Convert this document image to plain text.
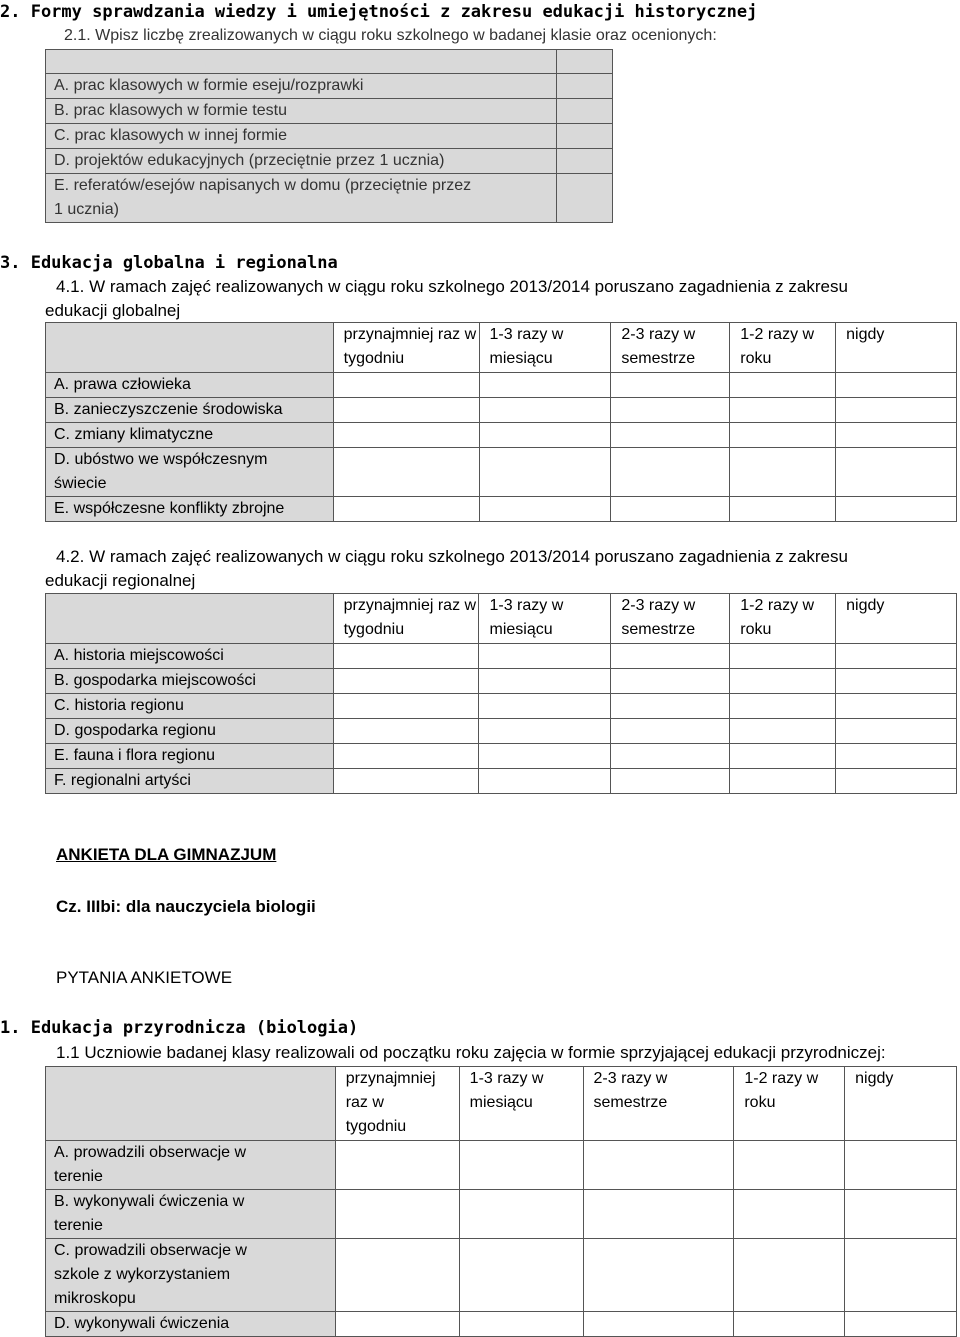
2. Formy sprawdzania wiedzy i umiejętności z zakresu edukacji historycznej
2.1. Wpisz liczbę zrealizowanych w ciągu roku szkolnego w badanej klasie oraz ocenionych:

A. prac klasowych w formie eseju/rozprawki	
B. prac klasowych w formie testu	
C. prac klasowych w innej formie	
D. projektów edukacyjnych (przeciętnie przez 1 ucznia)	
E. referatów/esejów napisanych w domu (przeciętnie przez 1 ucznia)	
3. Edukacja globalna i regionalna
4.1. W ramach zajęć realizowanych w ciągu roku szkolnego 2013/2014 poruszano zagadnienia z zakresu
edukacji globalnej
	przynajmniej raz w tygodniu	1-3 razy w miesiącu	2-3 razy w semestrze	1-2 razy w roku	nigdy
A. prawa człowieka					
B. zanieczyszczenie środowiska					
C. zmiany klimatyczne					
D. ubóstwo we współczesnym świecie					
E. współczesne konflikty zbrojne					
4.2. W ramach zajęć realizowanych w ciągu roku szkolnego 2013/2014 poruszano zagadnienia z zakresu
edukacji regionalnej
	przynajmniej raz w tygodniu	1-3 razy w miesiącu	2-3 razy w semestrze	1-2 razy w roku	nigdy
A. historia miejscowości					
B. gospodarka miejscowości					
C. historia regionu					
D. gospodarka regionu					
E. fauna i flora regionu					
F. regionalni artyści					
ANKIETA DLA GIMNAZJUM
Cz. IIIbi: dla nauczyciela biologii
PYTANIA ANKIETOWE
1. Edukacja przyrodnicza (biologia)
1.1 Uczniowie badanej klasy realizowali od początku roku zajęcia w formie sprzyjającej edukacji przyrodniczej:
	przynajmniej raz w tygodniu	1-3 razy w miesiącu	2-3 razy w semestrze	1-2 razy w roku	nigdy
A. prowadzili obserwacje w terenie					
B. wykonywali ćwiczenia w terenie					
C. prowadzili obserwacje w szkole z wykorzystaniem mikroskopu					
D. wykonywali ćwiczenia					
